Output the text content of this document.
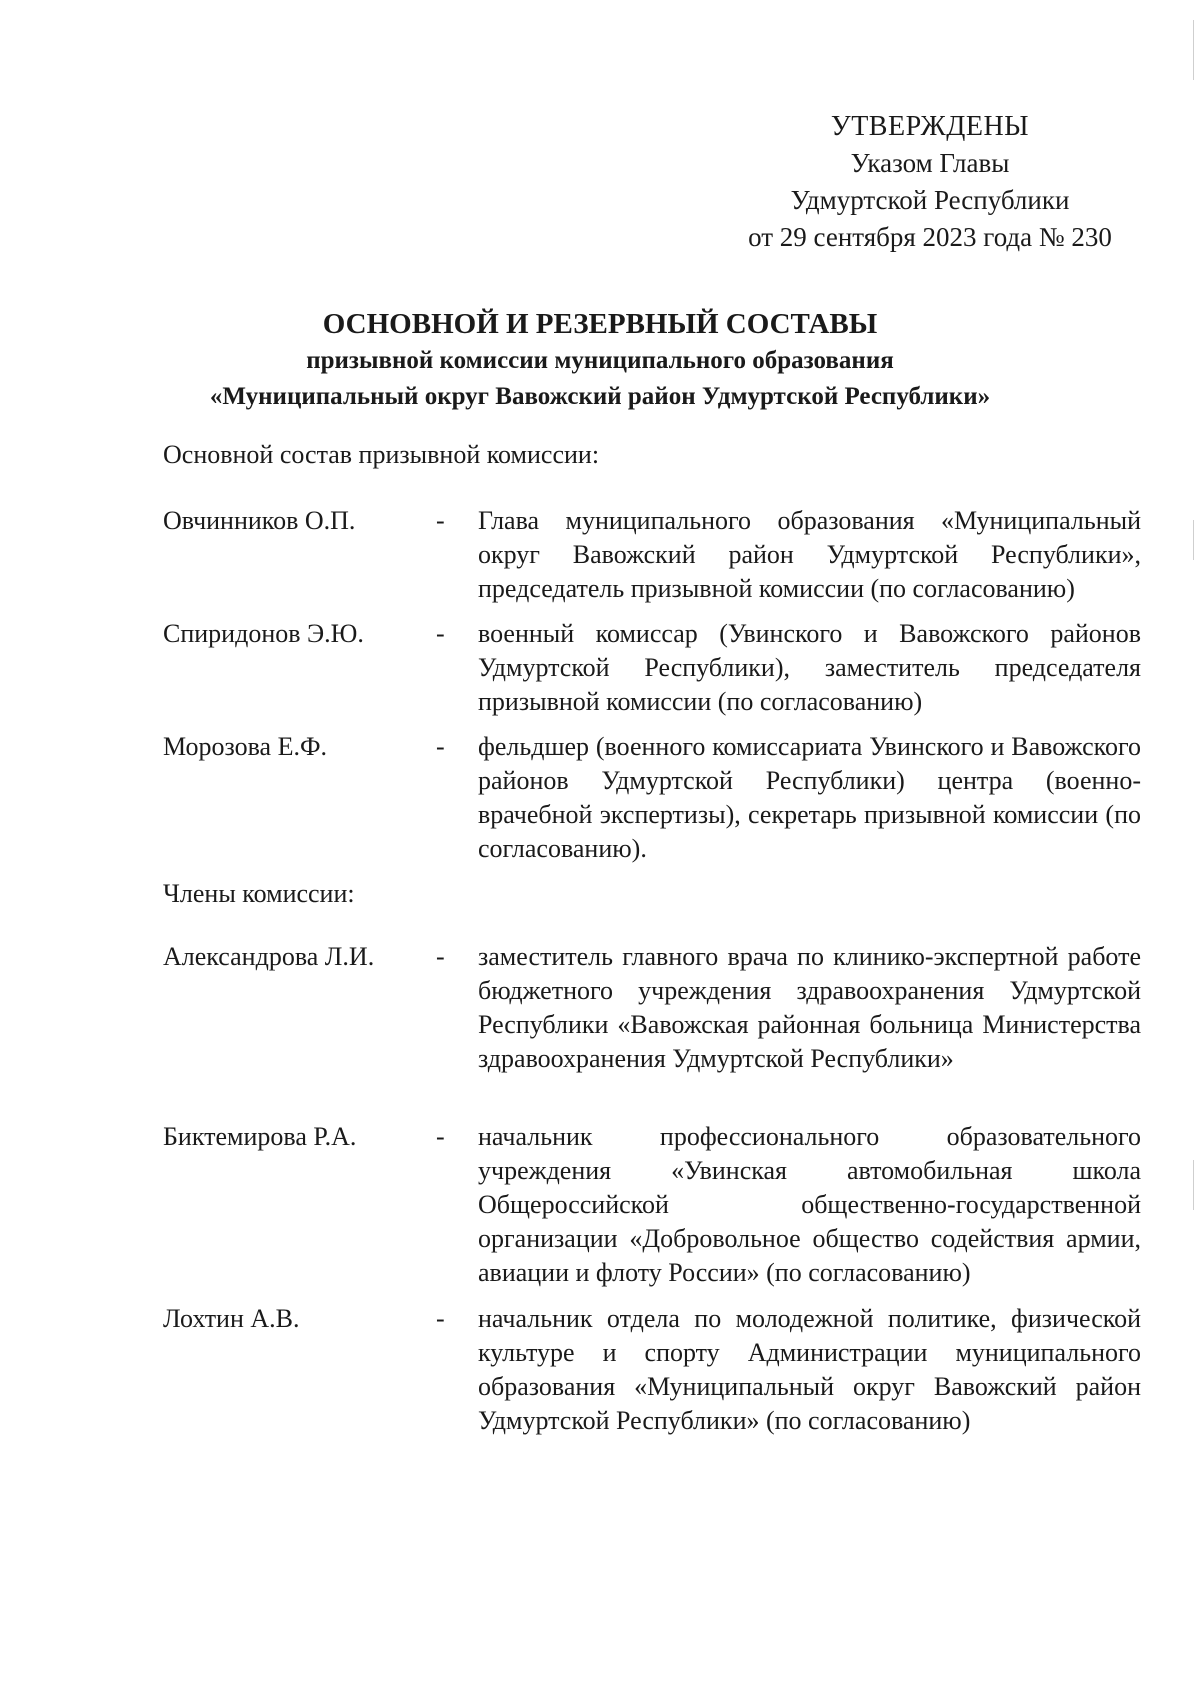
УТВЕРЖДЕНЫ
Указом Главы
Удмуртской Республики
от 29 сентября 2023 года № 230
ОСНОВНОЙ И РЕЗЕРВНЫЙ СОСТАВЫ
призывной комиссии муниципального образования
«Муниципальный округ Вавожский район Удмуртской Республики»
Основной состав призывной комиссии:
Овчинников О.П.	- Глава муниципального образования «Муниципальный округ Вавожский район Удмуртской Республики», председатель призывной комиссии (по согласованию)
Спиридонов Э.Ю.	- военный комиссар (Увинского и Вавожского районов Удмуртской Республики), заместитель председателя призывной комиссии (по согласованию)
Морозова Е.Ф.	- фельдшер (военного комиссариата Увинского и Вавожского районов Удмуртской Республики) центра (военно-врачебной экспертизы), секретарь призывной комиссии (по согласованию).
Члены комиссии:
Александрова Л.И.	- заместитель главного врача по клинико-экспертной работе бюджетного учреждения здравоохранения Удмуртской Республики «Вавожская районная больница Министерства здравоохранения Удмуртской Республики»
Биктемирова Р.А.	- начальник профессионального образовательного учреждения «Увинская автомобильная школа Общероссийской общественно-государственной организации «Добровольное общество содействия армии, авиации и флоту России» (по согласованию)
Лохтин А.В.	- начальник отдела по молодежной политике, физической культуре и спорту Администрации муниципального образования «Муниципальный округ Вавожский район Удмуртской Республики» (по согласованию)
